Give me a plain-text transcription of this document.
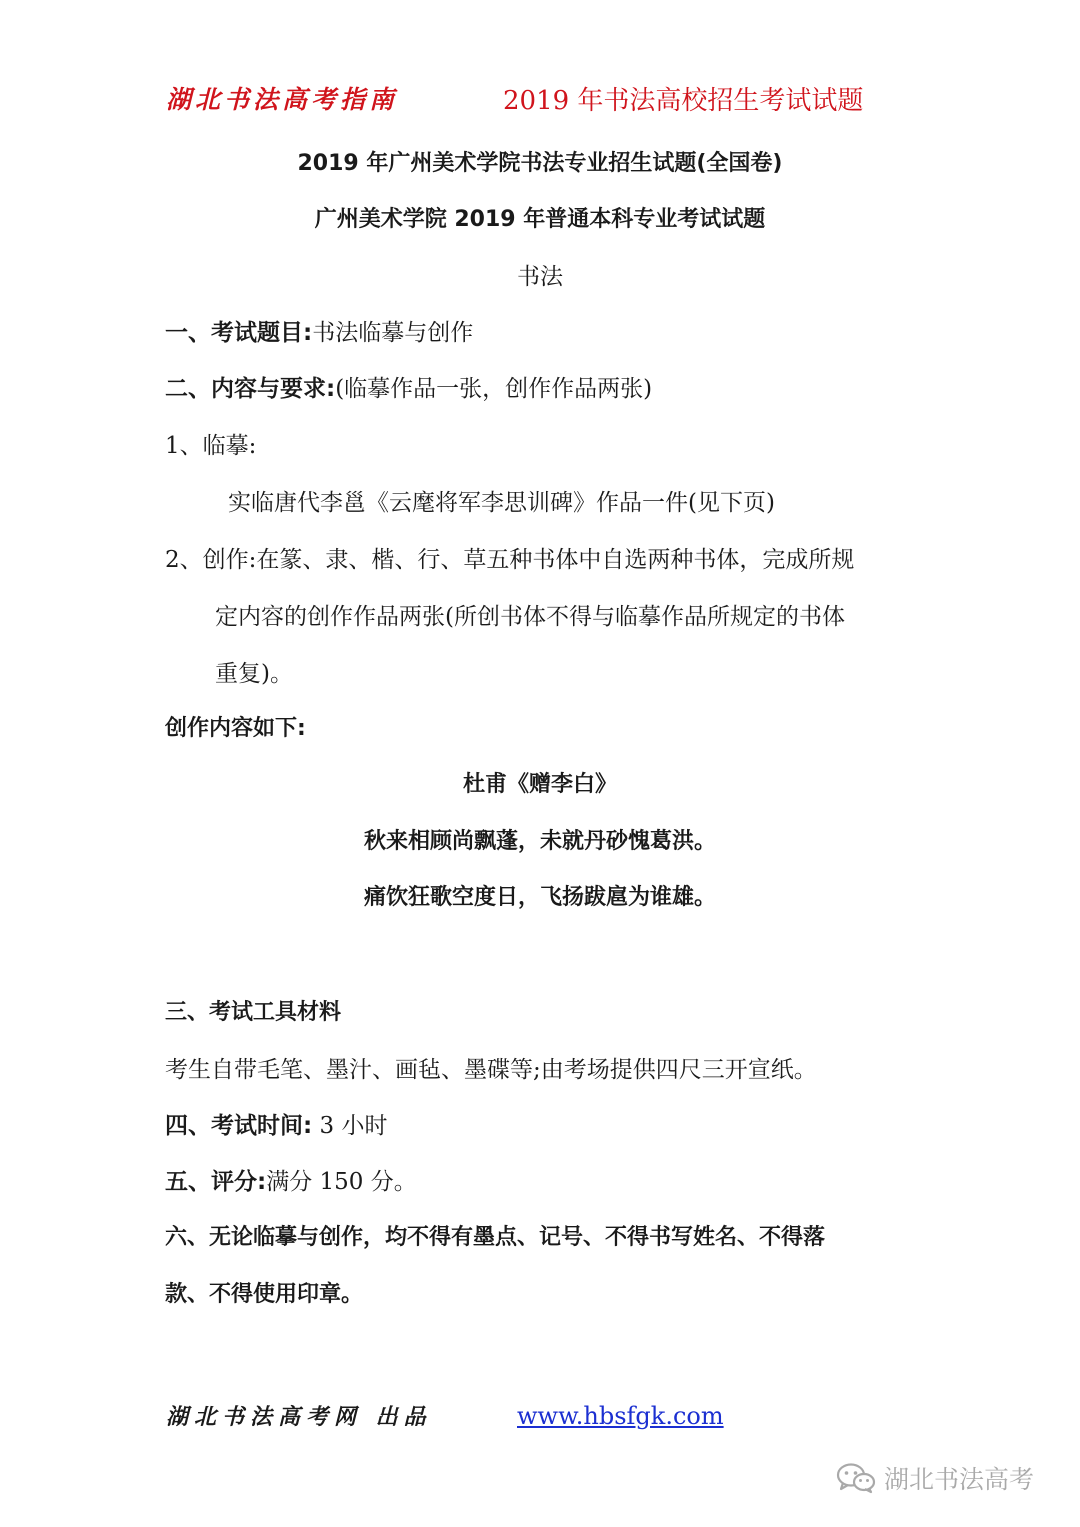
湖北书法高考指南	2019 年书法高校招生考试试题
2019 年广州美术学院书法专业招生试题(全国卷)
广州美术学院 2019 年普通本科专业考试试题
书法
一、考试题目:书法临摹与创作
二、内容与要求:(临摹作品一张，创作作品两张)
1、临摹:
实临唐代李邕《云麾将军李思训碑》作品一件(见下页)
2、创作:在篆、隶、楷、行、草五种书体中自选两种书体，完成所规
定内容的创作作品两张(所创书体不得与临摹作品所规定的书体
重复)。
创作内容如下:
杜甫《赠李白》
秋来相顾尚飘蓬，未就丹砂愧葛洪。
痛饮狂歌空度日，飞扬跋扈为谁雄。
三、考试工具材料
考生自带毛笔、墨汁、画毡、墨碟等;由考场提供四尺三开宣纸。
四、考试时间: 3 小时
五、评分:满分 150 分。
六、无论临摹与创作，均不得有墨点、记号、不得书写姓名、不得落
款、不得使用印章。
湖北书法高考网 出品	www.hbsfgk.com
湖北书法高考
